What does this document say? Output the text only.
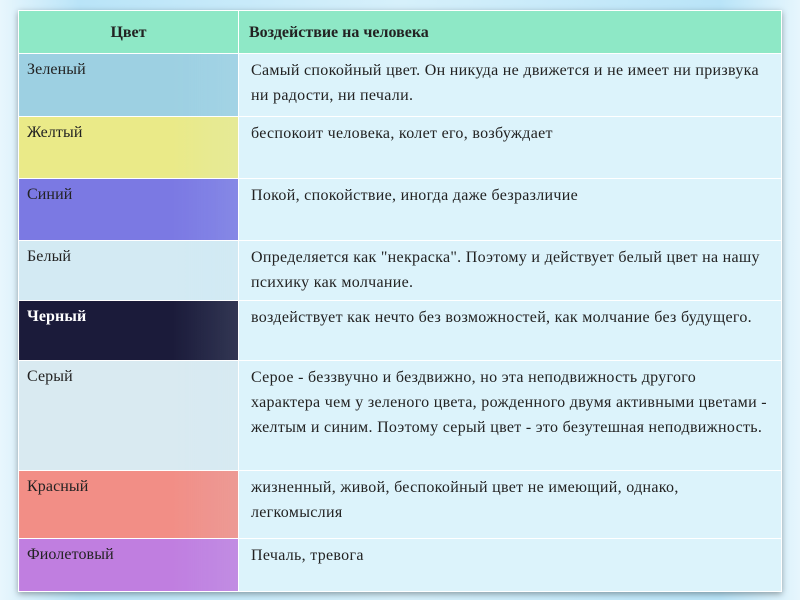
Цвет	Воздействие на человека
Зеленый	Самый спокойный цвет. Он никуда не движется и не имеет ни призвука ни радости, ни печали.
Желтый	беспокоит человека, колет его, возбуждает
Синий	Покой, спокойствие, иногда даже безразличие
Белый	Определяется как "некраска". Поэтому и действует белый цвет на нашу психику как молчание.
Черный	воздействует как нечто без возможностей, как молчание без будущего.
Серый	Серое - беззвучно и бездвижно, но эта неподвижность другого характера чем у зеленого цвета, рожденного двумя активными цветами - желтым и синим. Поэтому серый цвет - это безутешная неподвижность.
Красный	жизненный, живой, беспокойный цвет не имеющий, однако, легкомыслия
Фиолетовый	Печаль, тревога
